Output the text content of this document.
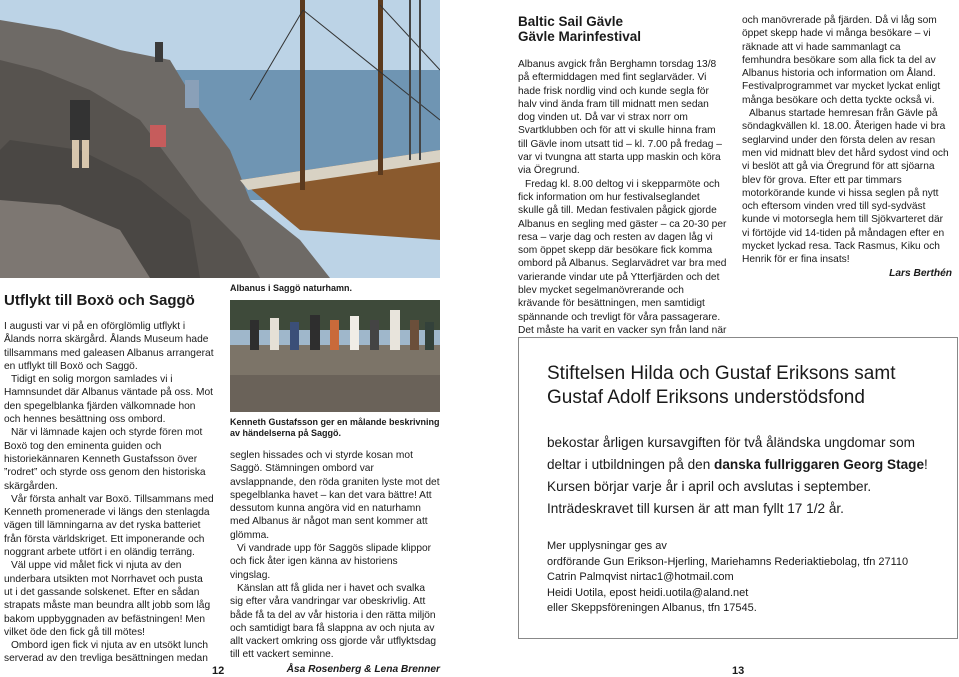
Albanus i Saggö naturhamn.
Utflykt till Boxö och Saggö
Kenneth Gustafsson ger en målande beskrivning av händelserna på Saggö.

I augusti var vi på en oförglömlig utflykt i Ålands norra skärgård. Ålands Museum hade tillsammans med galeasen Albanus arrangerat en utflykt till Boxö och Saggö.

Tidigt en solig morgon samlades vi i Hamnsundet där Albanus väntade på oss. Mot den spegelblanka fjärden välkomnade hon och hennes besättning oss ombord.

När vi lämnade kajen och styrde fören mot Boxö tog den eminenta guiden och historiekännaren Kenneth Gustafsson över ”rodret” och styrde oss genom den historiska skärgården.

Vår första anhalt var Boxö. Tillsammans med Kenneth promenerade vi längs den stenlagda vägen till lämningarna av det ryska batteriet från första världskriget. Ett imponerande och noggrant arbete utfört i en oländig terräng.

Väl uppe vid målet fick vi njuta av den underbara utsikten mot Norrhavet och pusta ut i det gassande solskenet. Efter en sådan strapats måste man beundra allt jobb som låg bakom uppbyggnaden av befästningen! Men vilket öde den fick gå till mötes!

Ombord igen fick vi njuta av en utsökt lunch serverad av den trevliga besättningen medan

seglen hissades och vi styrde kosan mot Saggö. Stämningen ombord var avslappnande, den röda graniten lyste mot det spegelblanka havet – kan det vara bättre! Att dessutom kunna angöra vid en naturhamn med Albanus är något man sent kommer att glömma.

Vi vandrade upp för Saggös slipade klippor och fick åter igen känna av historiens vingslag.

Känslan att få glida ner i havet och svalka sig efter våra vandringar var obeskrivlig. Att både få ta del av vår historia i den rätta miljön och samtidigt bara få slappna av och njuta av allt vackert omkring oss gjorde vår utflyktsdag till ett vackert seminne.

Åsa Rosenberg & Lena Brenner

12
Baltic Sail Gävle
Gävle Marinfestival

Albanus avgick från Berghamn torsdag 13/8 på eftermiddagen med fint seglarväder. Vi hade frisk nordlig vind och kunde segla för halv vind ända fram till midnatt men sedan dog vinden ut. Då var vi strax norr om Svartklubben och för att vi skulle hinna fram till Gävle inom utsatt tid – kl. 7.00 på fredag – var vi tvungna att starta upp maskin och köra via Öregrund.

Fredag kl. 8.00 deltog vi i skepparmöte och fick information om hur festivalseglandet skulle gå till. Medan festivalen pågick gjorde Albanus en segling med gäster – ca 20-30 per resa – varje dag och resten av dagen låg vi som öppet skepp där besökare fick komma ombord på Albanus. Seglarvädret var bra med varierande vindar ute på Ytterfjärden och det blev mycket segelmanövrerande och krävande för besättningen, men samtidigt spännande och trevligt för våra passagerare. Det måste ha varit en vacker syn från land när

och manövrerade på fjärden. Då vi låg som öppet skepp hade vi många besökare – vi räknade att vi hade sammanlagt ca femhundra besökare som alla fick ta del av Albanus historia och information om Åland. Festivalprogrammet var mycket lyckat enligt många besökare och detta tyckte också vi.

Albanus startade hemresan från Gävle på söndagkvällen kl. 18.00. Återigen hade vi bra seglarvind under den första delen av resan men vid midnatt blev det hård sydost vind och vi beslöt att gå via Öregrund för att sjöarna blev för grova. Efter ett par timmars motorkörande kunde vi hissa seglen på nytt och eftersom vinden vred till syd-sydväst kunde vi motorsegla hem till Sjökvarteret där vi förtöjde vid 14-tiden på måndagen efter en mycket lyckad resa. Tack Rasmus, Kiku och Henrik för er fina insats!

Lars Berthén

Stiftelsen Hilda och Gustaf Eriksons samt
Gustaf Adolf Eriksons understödsfond
bekostar årligen kursavgiften för två åländska ungdomar som
deltar i utbildningen på den danska fullriggaren Georg Stage!
Kursen börjar varje år i april och avslutas i september.
Inträdeskravet till kursen är att man fyllt 17 1/2 år.
Mer upplysningar ges av
ordförande Gun Erikson-Hjerling, Mariehamns Rederiaktiebolag, tfn 27110
Catrin Palmqvist nirtac1@hotmail.com
Heidi Uotila, epost heidi.uotila@aland.net
eller Skeppsföreningen Albanus, tfn 17545.
13
